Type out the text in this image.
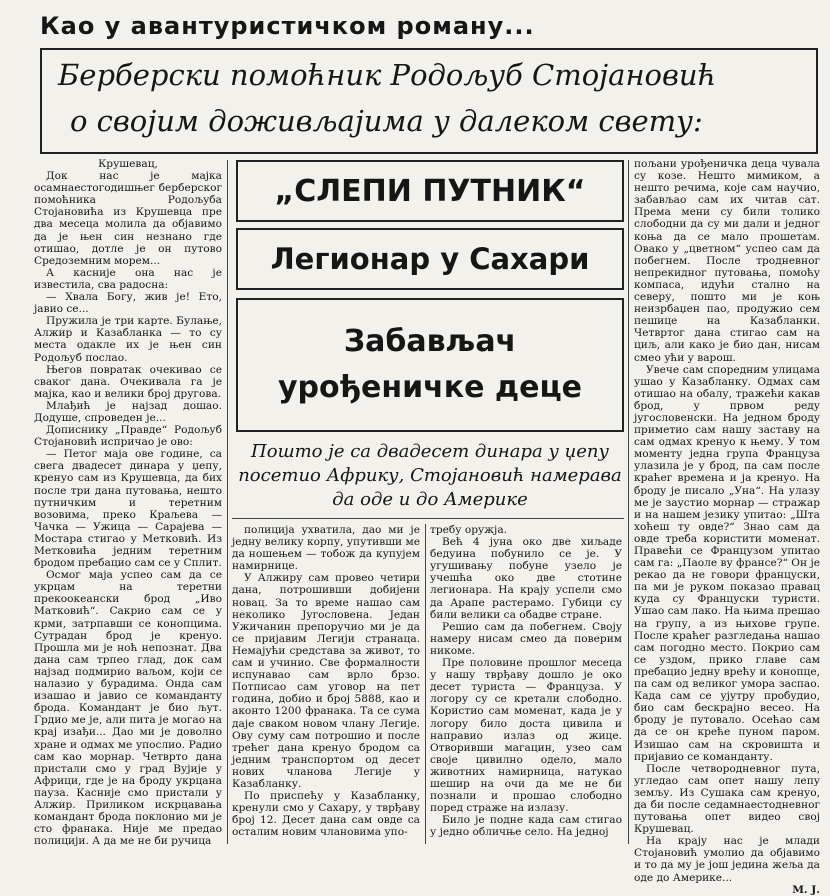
Као у авантуристичком роману...
Берберски помоћник Родољуб Стојановић
о својим доживљајима у далеком свету:

Крушевац,

Док нас је мајка осамнаестогодишњег берберског помоћника Родољуба Стојановића из Крушевца пре два месеца молила да објавимо да је њен син незнано где отишао, дотле је он путово Средоземним морем...

А касније она нас је известила, сва радосна:

— Хвала Богу, жив је! Ето, јавио се...

Пружила је три карте. Булање, Алжир и Казабланка — то су места одакле их је њен син Родољуб послао.

Његов повратак очекивао се сваког дана. Очекивала га је мајка, као и велики број другова.

Млађић је најзад дошао. Додуше, спроведен је...

Дописнику „Правде“ Родољуб Стојановић испричао је ово:

— Петог маја ове године, са свега двадесет динара у џепу, кренуо сам из Крушевца, да бих после три дана путовања, нешто путничким и теретним возовима, преко Краљева — Чачка — Ужица — Сарајева — Мостара стигао у Метковић. Из Метковића једним теретним бродом пребацио сам се у Сплит.

Осмог маја успео сам да се укрцам на теретни прекоокеански брод „Иво Матковић“. Сакрио сам се у крми, затрпавши се конопцима. Сутрадан брод је кренуо. Прошла ми је ноћ непознат. Два дана сам трпео глад, док сам најзад подмирио ваљом, који се налазио у бурадима. Онда сам изашао и јавио се команданту брода. Командант је био љут. Грдио ме је, али пита је могао на крај изађи... Дао ми је доволно хране и одмах ме упослио. Радио сам као морнар. Четврто дана пристали смо у град Вујије у Африци, где је на броду укрцана пауза. Касније смо пристали у Алжир. Приликом искрцавања командант брода поклонио ми је сто франака. Није ме предао полицији. А да ме не би ручица

„СЛЕПИ ПУТНИК“
Легионар у Сахари
Забављач
урођеничке деце
Пошто је са двадесет динара у џепу посетио Африку, Стојановић намерава да оде и до Америке

полиција ухватила, дао ми је једну велику корпу, упутивши ме да ношењем — тобож да купујем намирнице.

У Алжиру сам провео четири дана, потрошивши добијени новац. За то време нашао сам неколико Југословена. Један Ужичанин препоручио ми је да се пријавим Легији странаца. Немајући средстава за живот, то сам и учинио. Све формалности испунавао сам врло брзо. Потписао сам уговор на пет година, добио и број 5888, као и аконто 1200 франака. Та се сума даје сваком новом члану Легије. Ову суму сам потрошио и после трећег дана кренуо бродом са једним транспортом од десет нових чланова Легије у Казабланку.

По приспећу у Казабланку, кренули смо у Сахару, у тврђаву број 12. Десет дана сам овде са осталим новим члановима упо-

требу оружја.

Већ 4 јуна око две хиљаде бедуина побунило се је. У угушивању побуне узело је учешћа око две стотине легионара. На крају успели смо да Арапе растерамо. Губици су били велики са обадве стране.

Решио сам да побегнем. Своју намеру нисам смео да поверим никоме.

Пре половине прошлог месеца у нашу тврђаву дошло је око десет туриста — Француза. У логору су се кретали слободно. Користио сам моменат, када је у логору било доста цивила и направио излаз од жице. Отворивши магацин, узео сам своје цивилно одело, мало животних намирница, натукао шешир на очи да ме не би познали и прошао слободно поред страже на излазу.

Било је подне када сам стигао у једно обличње село. На једној

пољани урођеничка деца чувала су козе. Нешто мимиком, а нешто речима, које сам научио, забављао сам их читав сат. Према мени су били толико слободни да су ми дали и једног коња да се мало прошетам. Овако у „цветном“ успео сам да побегнем. После тродневног непрекидног путовања, помоћу компаса, идући стално на северу, пошто ми је коњ неизрбаџен пао, продужио сем пешице на Казабланки. Четвртог дана стигао сам на циљ, али како је био дан, нисам смео ући у варош.

Увече сам споредним улицама ушао у Казабланку. Одмах сам отишао на обалу, тражећи какав брод, у првом реду југословенски. На једном броду приметио сам нашу заставу на сам одмах кренуо к њему. У том моменту једна група Француза улазила је у брод, па сам после краћег времена и ја кренуо. На броду је писало „Уна“. На улазу ме је заустио морнар — стражар и на нашем језику упитао: „Шта хоћеш ту овде?“ Знао сам да овде треба користити моменат. Правећи се Французом упитао сам га: „Паоле ву франсе?“ Он је рекао да не говори француски, па ми је руком показао правац куда су Француски туристи. Ушао сам лако. На њима прешао на групу, а из њихове групе. После краћег разгледања нашао сам погодно место. Покрио сам се уздом, прико главе сам пребацио једну врећу и конопце, па сам од великог умора заспао. Када сам се ујутру пробудио, био сам бескрајно весео. На броду је путовало. Осећао сам да се он креће пуном паром. Изишао сам на скровишта и пријавио се команданту.

После четвородневног пута, угледао сам опет нашу лепу земљу. Из Сушака сам кренуо, да би после седамнаестодневног путовања опет видео свој Крушевац.

На крају нас је млади Стојановић умолио да објавимо и то да му је још једина жеља да оде до Америке...

М. Ј.
